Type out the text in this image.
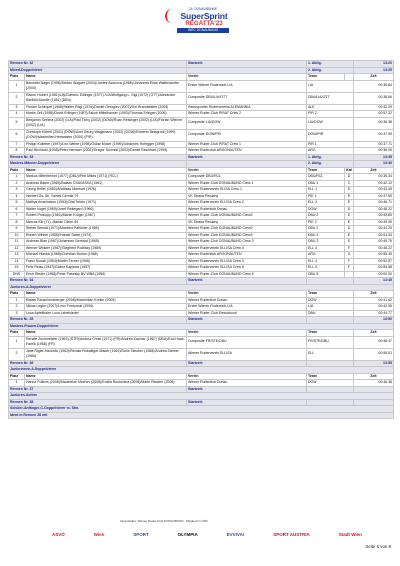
24. DONAUBÜHNE
SuperSprint
REGATTA'23
WRC DONAUBUND
Rennen Nr. 32		Startzeit:	1. Abtlg.		13:20
Mixed-Doppelvierer			2. Abtlg.		13:25
Platz	Name	Verein	Team		Zeit
1	Benedikt Nagel (1996)/Stefan Wagner (2004)/Jantes Asanova (1988)/Johannes Elias Waltenstorfer (2000)	Erster Wiener Ruderclub LIA	LIA		00:36.84
2	Rainer Hubert (1981)/Lily/Dominic Edlinger (1977) /LIA/Wolfgang L. Sigl (1972) (OTT)/Alexander Barfield-Mantle (1981) (DBU)	Composite DBU/LIA/OTT	DBU/LIA/OTT		00:38.66
3	Florian Schimpel (1968)/Walter Rögl (1976)/Daniel Georgiev (2007)/Tim Brandstätter (2008)	Kanusportler Rudervereins ALEMANNIA	ALE		00:42.29
4	Martin Ortl (1958)/David Erlinger (1987)/Jakob Mittelhauser (1993)/Thomas Erlinger (2006)	Wiener Ruder-Club PIRAT Crew 2	PIR 2		00:57.22
5	Benjamin Svelma (2002) (LIA)/Paul Tichy (2002) (DOW)/Roan Reisinger (2002) (LIA)/Florian Wiemer (2002) (LIA)	Composite LIA/DOW	LIA/DOW		00:36.38
6	Christoph Köberl (2001) (DOW)/Axel Georg Wagemann (2002) (DOW)/Roberto Belagrodi (1999) (DOW)/Maximilian Hertwaster (2000) (PIR)	Composite DOW/PIR	DOW/PIR		00:37.39
7	Philipp Kolleber (1997)/Leo Weber (1998)/Oskar Moser (1999)/Johannes Hofegger (1998)	Wiener Ruder-Club PIRAT Crew 1	PIR 1		00:37.71
8	Paul Bechtold (1998)/Peter Herrarzt (2001)/Gregor Schmidt (2002)/Daniel Reichhart (1999)	Wiener Ruderclub ARGONAUTEN	ARG		00:38.05
Rennen Nr. 33		Startzeit:	1. Abtlg.		13:35
Masters-Männer-Doppelvierer			2. Abtlg.		13:40
Platz	Name	Verein	Team	Kat	Zeit
1	Markus Mitterlehner (1977) (DBU)/Petr Mikes (1971) (RCL)	Composite DBU/RCL	DBU/RCL	D	00:35.34
2	Andreas Bauer (1965)/Balázs CSAVÁSKA (1961)	Wiener Ruder-Club DONAUBUND Crew 1	DBU 1	C	00:42.12
3	Georg Heller (1962)/Matthias Manhart (1976)	Wiener Ruderverein ELISA Crew 1	ELL 1	E	00:43.45
4	Herbert Gs. 56, Tomáš Cernák 79	VK Strana Pieslany	PIE 1	E	00:47.59
5	Mathys Anselmsion (1963)/Olaf Tebbe (1971)	Wiener Ruderverein ELLISA Crew 2	ELL 2	E	00:46.71
6	Walter Vogel (1969)/Josef Rettegard (1966)	Wiener Ruderklub Donau	DOW	D	00:48.22
7	Robert Prokopp (1946)/Martin Krüger (1967)	Wiener Ruder-Club DONAUBUND Crew2	DBU 2	E	00:49.85
8	Marcus Kik (71), Marian Oliver 64	VK Strana Pieslany	PIE 2	E	00:49.45
9	Stefan Sebold (1971)/Manfred Parlicher (1965)	Wiener Ruder-Club DONAUBUND Crew2	DBU 2	D	00:44.29
10	Robert Winkel (1958)/Harald Sabel (1974)	Wiener Ruder-Club DONAUBUND Crew3	DBU 4	E	00:51.34
11	Andreas Blas (1967)/Johannes Gerhard (1965)	Wiener Ruder-Club DONAUBUND Crew 3	DBU 3	E	00:49.76
12	Werner Winkler (1967)/Siegfried Podfisky (1969)	Wiener Ruderverein ELLISA Crew 4	ELL 4	F	00:48.22
13	Michael Hlavka (1968)/Christian Bohan (1968)	Wiener Ruderklub ARGONAUTEN	ARG	G	00:55.35
14	Franz Novak (1954)/Martin Ferner (1968)	Wiener Ruderverein ELLISA Crew 3	ELL 3	F	00:53.87
15	Felix Reiss (1947)/Gabor Kaplesis (1957)	Wiener Ruderverein ELLISA Crew 5	ELL 5	F	00:59.58
DNS	Erich Rieder (1958)/Peter Pasesky BV WBA (1956)	Wiener Ruder-Club DONAUBUND Crew 5	DBU 5		00:00.00
Rennen Nr. 34		Startzeit:			13:45
Junioren-A-Doppelvierer					
Platz	Name	Verein	Team		Zeit
1	Rafael Rauschensberger (2008)/Maximilian Kreiler (2005)	Wiener Ruderklub Donau	DOW		00:41.62
2	Niklas Legler (2007)/Leon Ferdynski (2006)	Erster Wiener Ruderclub LIA	LIA		00:42.55
3	Luca Apfelthaler Luca Lebelsieder	Wiener Ruder-Club Dessahund	DBU		00:44.77
Rennen Nr. 35		Startzeit:			13:50
Masters-Frauen-Doppelvierer					
Platz	Name	Verein	Team		Zeit
1	Renate Zechmeister (1963) (STR)/Andrea Christ (1971) (FR)/Andrea Kazmer (1967) (DBU)/Eva Haas-Farnik (1968) (FR)	Composite FR/STE/DBU	FR/STE/DBU		00:48.47
2	Jane Rigler-Hackoliz (1962)/Renate Rubaltiger-Mader (1961)/Doris Taeuber (1968)/Andrea Siebrer (1966)	Wiener Ruderverein ELLISA	ELL		00:55.02
Rennen Nr. 36		Startzeit:			13:55
Juniorinnen-A-Doppelvierer					
Platz	Name	Verein	Team		Zeit
1	Hanna Pullens (2008)/Madeleine Mirchev (2008)/Emilia Roshchina (2008)/Marie Riedere (2008)	Wiener Ruderklub Donau	DOW		00:46.38
Rennen Nr. 37		Startzeit:			
Junioren-Achter					
Rennen Nr. 38		Startzeit:			
Schüler-Anfänger-C-Doppelvierer m. Stm.					
Ident m Rennen 28 mit					
Veranstalter: Wiener Ruder-Club DONAUBUND · Mitglied im ÖRV
ASVÖ	Wien	SPORT	OLYMPIA	EVVIVA!	SPORT AUSTRIA	Stadt Wien
Seite 6 von 8
